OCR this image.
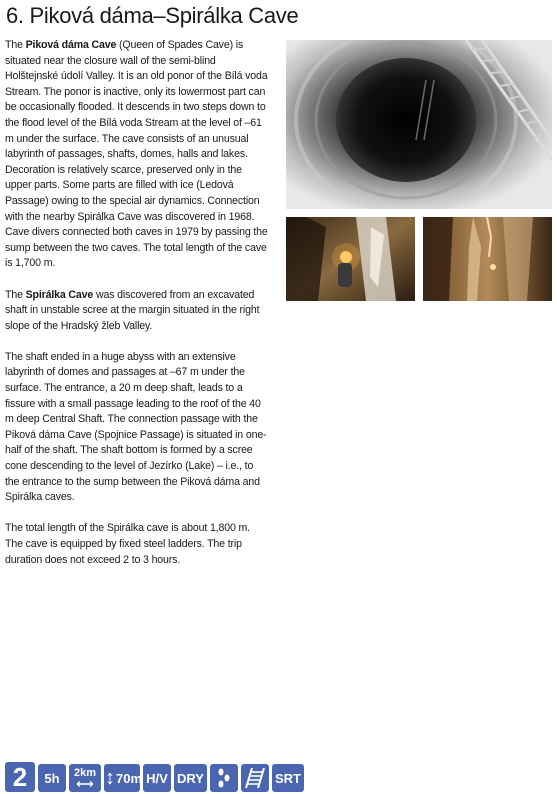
6. Piková dáma–Spirálka Cave

The Piková dáma Cave (Queen of Spades Cave) is situated near the closure wall of the semi-blind Holštejnské údolí Valley. It is an old ponor of the Bílá voda Stream. The ponor is inactive, only its lowermost part can be occasionally flooded. It descends in two steps down to the flood level of the Bílá voda Stream at the level of –61 m under the surface. The cave consists of an unusual labyrinth of passages, shafts, domes, halls and lakes. Decoration is relatively scarce, preserved only in the upper parts. Some parts are filled with ice (Ledová Passage) owing to the special air dynamics. Connection with the nearby Spirálka Cave was discovered in 1968. Cave divers connected both caves in 1979 by passing the sump between the two caves. The total length of the cave is 1,700 m.

The Spirálka Cave was discovered from an excavated shaft in unstable scree at the margin situated in the right slope of the Hradský žleb Valley.

The shaft ended in a huge abyss with an extensive labyrinth of domes and passages at –67 m under the surface. The entrance, a 20 m deep shaft, leads to a fissure with a small passage leading to the roof of the 40 m deep Central Shaft. The connection passage with the Piková dáma Cave (Spojnice Passage) is situated in one-half of the shaft. The shaft bottom is formed by a scree cone descending to the level of Jezírko (Lake) – i.e., to the entrance to the sump between the Piková dáma and Spirálka caves.

The total length of the Spirálka cave is about 1,800 m. The cave is equipped by fixed steel ladders. The trip duration does not exceed 2 to 3 hours.

2	5h	2km
⟷ ↕ 70m H/V DRY	SRT
